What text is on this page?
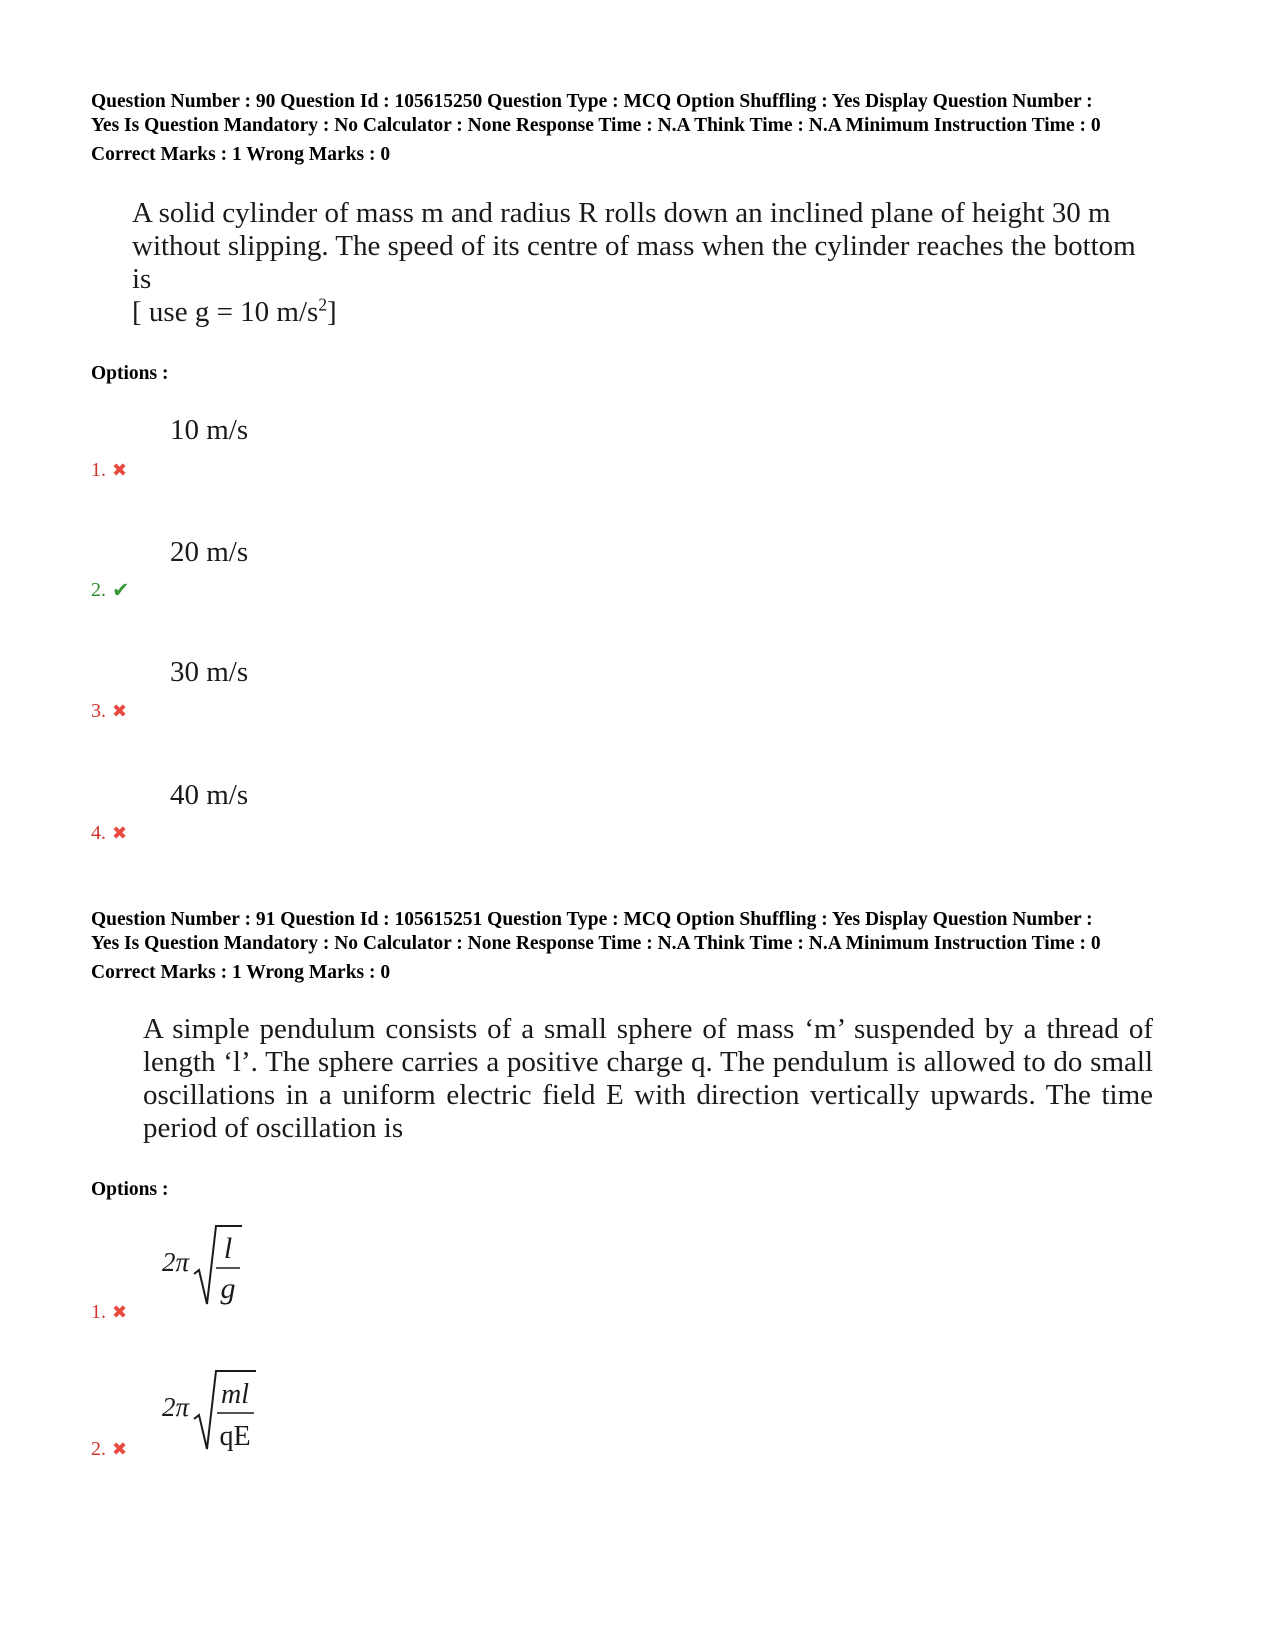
Question Number : 90 Question Id : 105615250 Question Type : MCQ Option Shuffling : Yes Display Question Number :
Yes Is Question Mandatory : No Calculator : None Response Time : N.A Think Time : N.A Minimum Instruction Time : 0
Correct Marks : 1 Wrong Marks : 0
A solid cylinder of mass m and radius R rolls down an inclined plane of height 30 m
without slipping. The speed of its centre of mass when the cylinder reaches the bottom
is
[ use g = 10 $m/s^2$]
Options :
10 m/s
1. ✖
20 m/s
2. ✔
30 m/s
3. ✖
40 m/s
4. ✖
Question Number : 91 Question Id : 105615251 Question Type : MCQ Option Shuffling : Yes Display Question Number :
Yes Is Question Mandatory : No Calculator : None Response Time : N.A Think Time : N.A Minimum Instruction Time : 0
Correct Marks : 1 Wrong Marks : 0
A simple pendulum consists of a small sphere of mass ‘m’ suspended by a thread of
length ‘l’. The sphere carries a positive charge q. The pendulum is allowed to do small
oscillations in a uniform electric field E with direction vertically upwards. The time
period of oscillation is
Options :
2π l
g
1. ✖
2π ml
qE
2. ✖
